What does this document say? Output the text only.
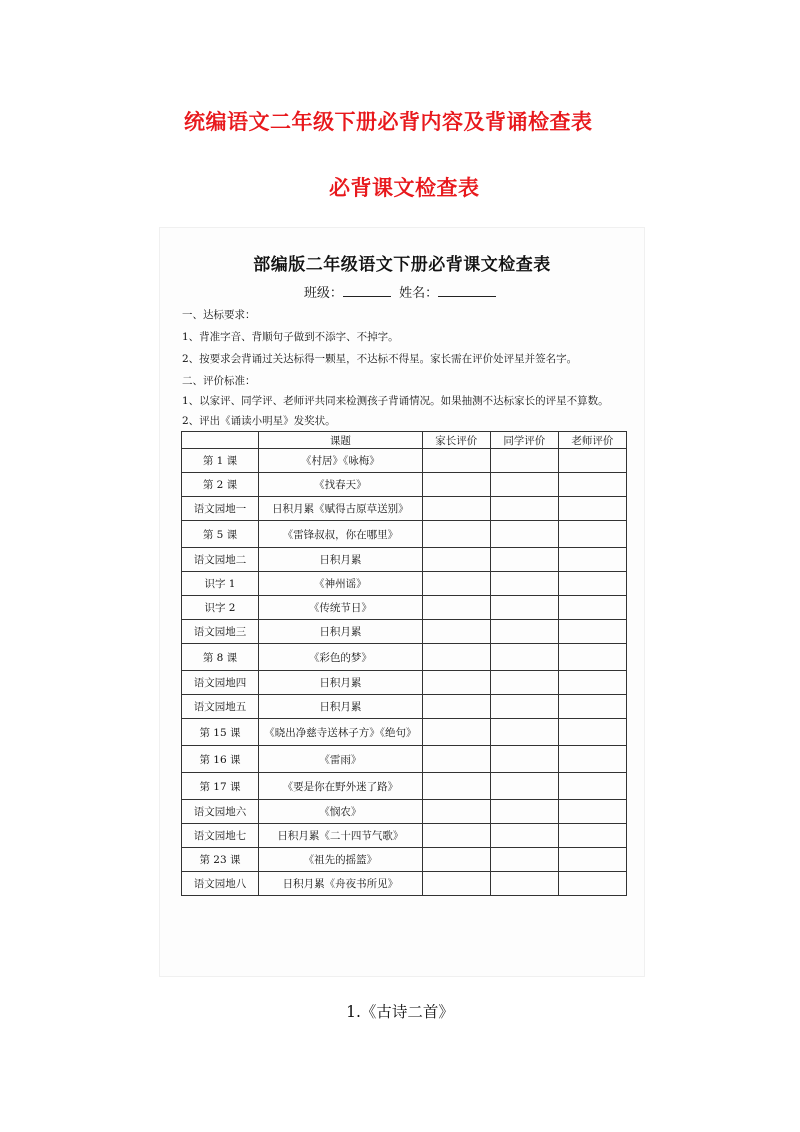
统编语文二年级下册必背内容及背诵检查表
必背课文检查表
部编版二年级语文下册必背课文检查表
班级：	姓名：
一、达标要求：
1、背准字音、背顺句子做到不添字、不掉字。
2、按要求会背诵过关达标得一颗星，不达标不得星。家长需在评价处评星并签名字。
二、评价标准：
1、以家评、同学评、老师评共同来检测孩子背诵情况。如果抽测不达标家长的评星不算数。
2、评出《诵读小明星》发奖状。
	课题	家长评价	同学评价	老师评价
第 1 课	《村居》《咏梅》			
第 2 课	《找春天》			
语文园地一	日积月累《赋得古原草送别》			
第 5 课	《雷锋叔叔，你在哪里》			
语文园地二	日积月累			
识字 1	《神州谣》			
识字 2	《传统节日》			
语文园地三	日积月累			
第 8 课	《彩色的梦》			
语文园地四	日积月累			
语文园地五	日积月累			
第 15 课	《晓出净慈寺送林子方》《绝句》			
第 16 课	《雷雨》			
第 17 课	《要是你在野外迷了路》			
语文园地六	《悯农》			
语文园地七	日积月累《二十四节气歌》			
第 23 课	《祖先的摇篮》			
语文园地八	日积月累《舟夜书所见》			
1.《古诗二首》
